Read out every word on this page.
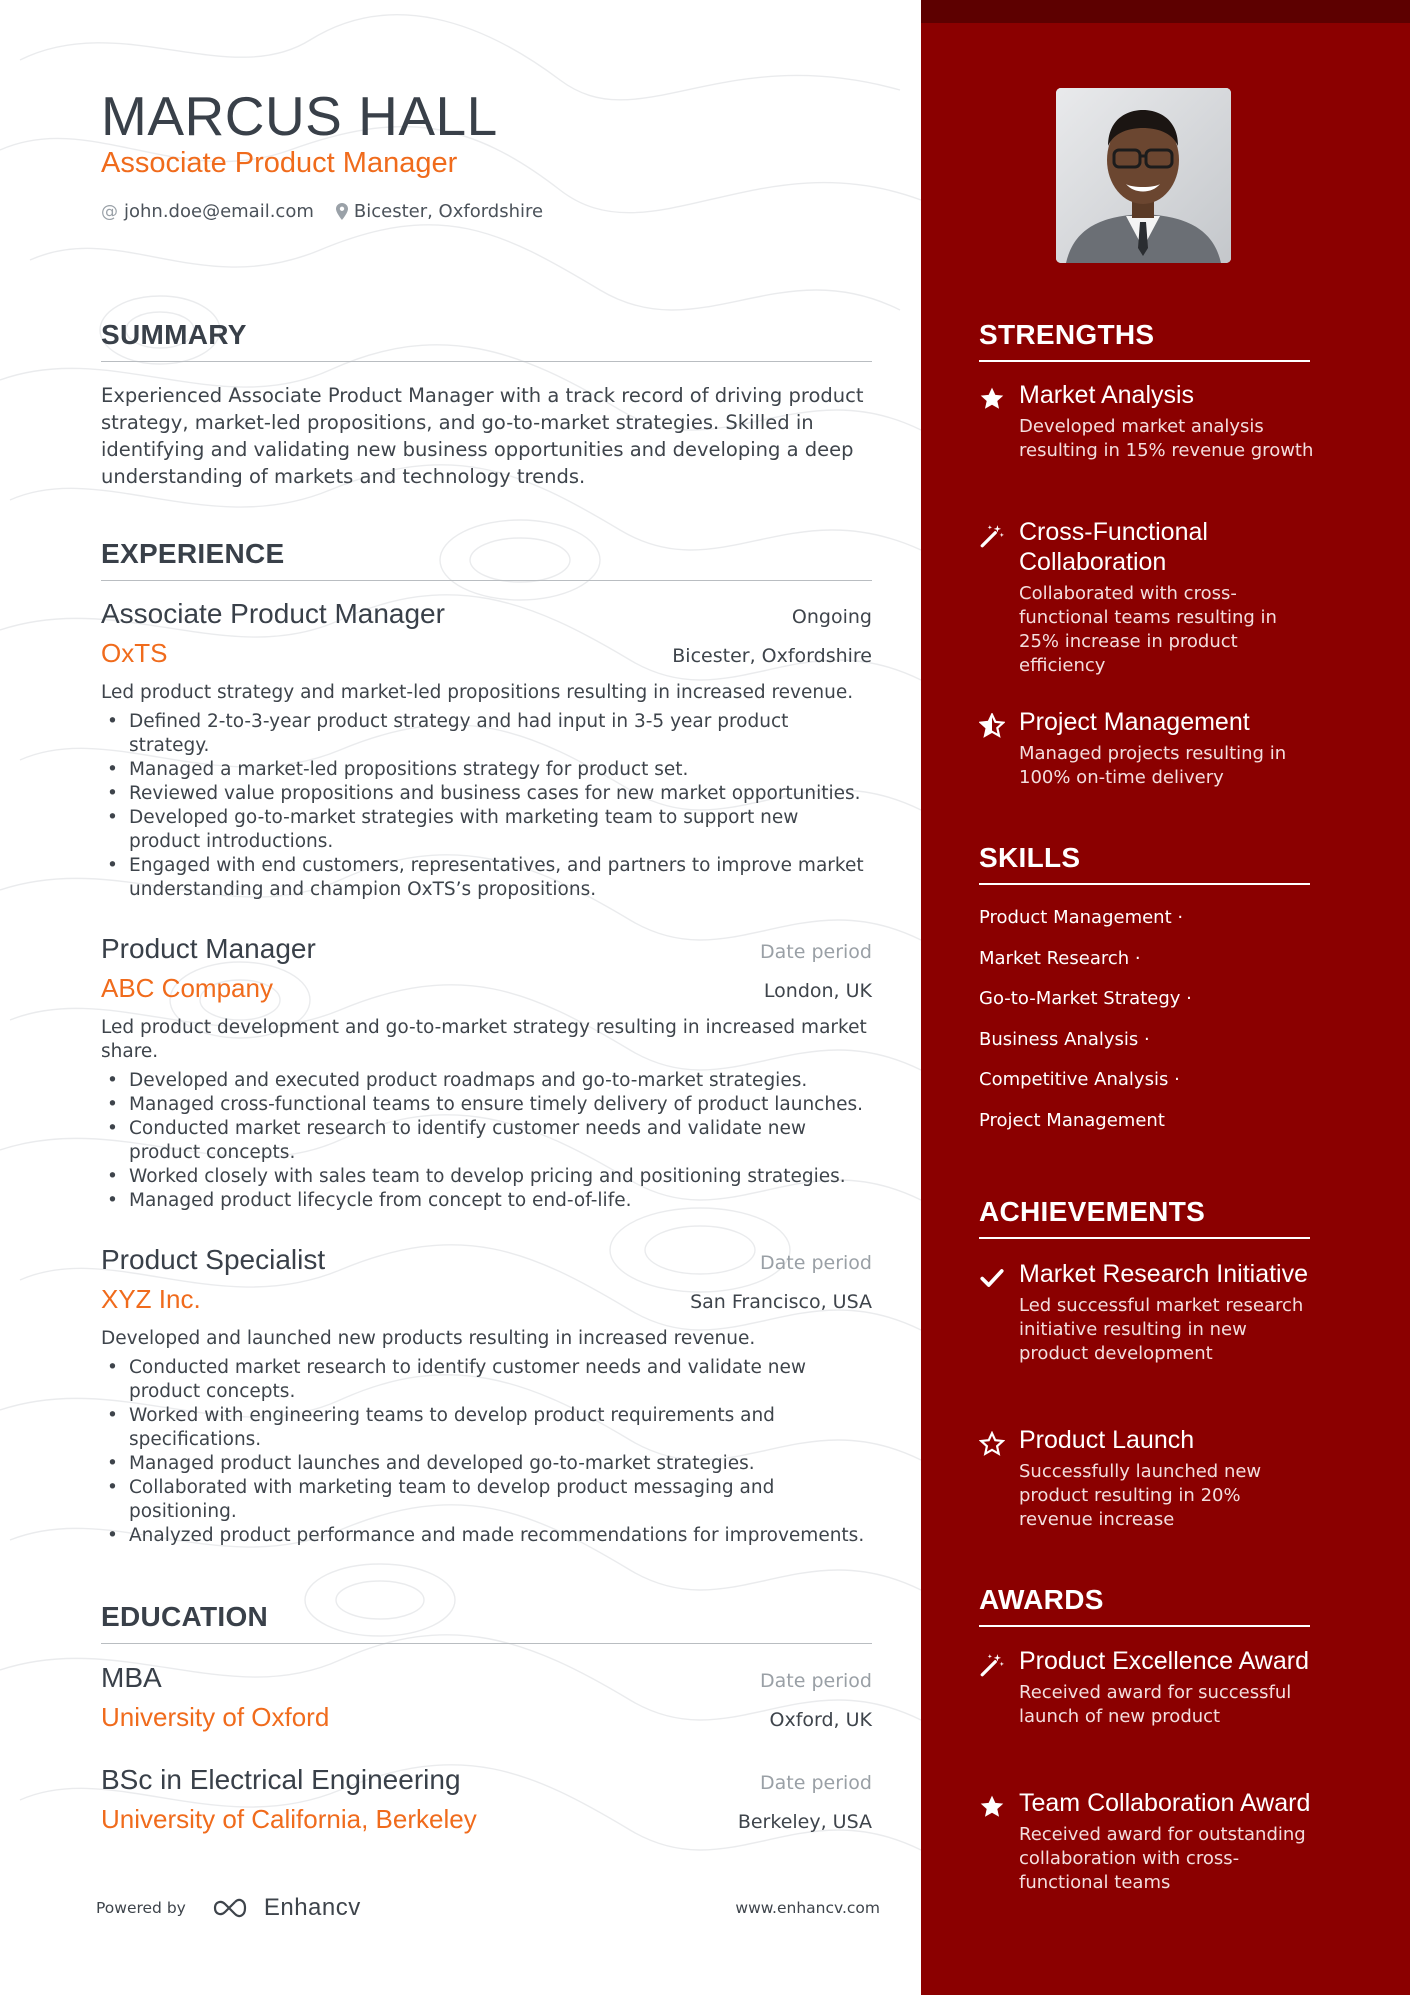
MARCUS HALL
Associate Product Manager
@ john.doe@email.com Bicester, Oxfordshire
SUMMARY

Experienced Associate Product Manager with a track record of driving product strategy, market-led propositions, and go-to-market strategies. Skilled in identifying and validating new business opportunities and developing a deep understanding of markets and technology trends.

EXPERIENCE
Associate Product Manager	Ongoing
OxTS	Bicester, Oxfordshire

Led product strategy and market-led propositions resulting in increased revenue.

• Defined 2-to-3-year product strategy and had input in 3-5 year product strategy.
• Managed a market-led propositions strategy for product set.
• Reviewed value propositions and business cases for new market opportunities.
• Developed go-to-market strategies with marketing team to support new product introductions.
• Engaged with end customers, representatives, and partners to improve market understanding and champion OxTS’s propositions.
Product Manager	Date period
ABC Company	London, UK

Led product development and go-to-market strategy resulting in increased market share.

• Developed and executed product roadmaps and go-to-market strategies.
• Managed cross-functional teams to ensure timely delivery of product launches.
• Conducted market research to identify customer needs and validate new product concepts.
• Worked closely with sales team to develop pricing and positioning strategies.
• Managed product lifecycle from concept to end-of-life.
Product Specialist	Date period
XYZ Inc.	San Francisco, USA

Developed and launched new products resulting in increased revenue.

• Conducted market research to identify customer needs and validate new product concepts.
• Worked with engineering teams to develop product requirements and specifications.
• Managed product launches and developed go-to-market strategies.
• Collaborated with marketing team to develop product messaging and positioning.
• Analyzed product performance and made recommendations for improvements.
EDUCATION
MBA	Date period
University of Oxford	Oxford, UK
BSc in Electrical Engineering	Date period
University of California, Berkeley	Berkeley, USA
Powered by	Enhancv	www.enhancv.com
STRENGTHS
Market Analysis
Developed market analysis resulting in 15% revenue growth
Cross-Functional Collaboration
Collaborated with cross-functional teams resulting in 25% increase in product efficiency
Project Management
Managed projects resulting in 100% on-time delivery
SKILLS
Product Management ·
Market Research ·
Go-to-Market Strategy ·
Business Analysis ·
Competitive Analysis ·
Project Management
ACHIEVEMENTS
Market Research Initiative
Led successful market research initiative resulting in new product development
Product Launch
Successfully launched new product resulting in 20% revenue increase
AWARDS
Product Excellence Award
Received award for successful launch of new product
Team Collaboration Award
Received award for outstanding collaboration with cross-functional teams
